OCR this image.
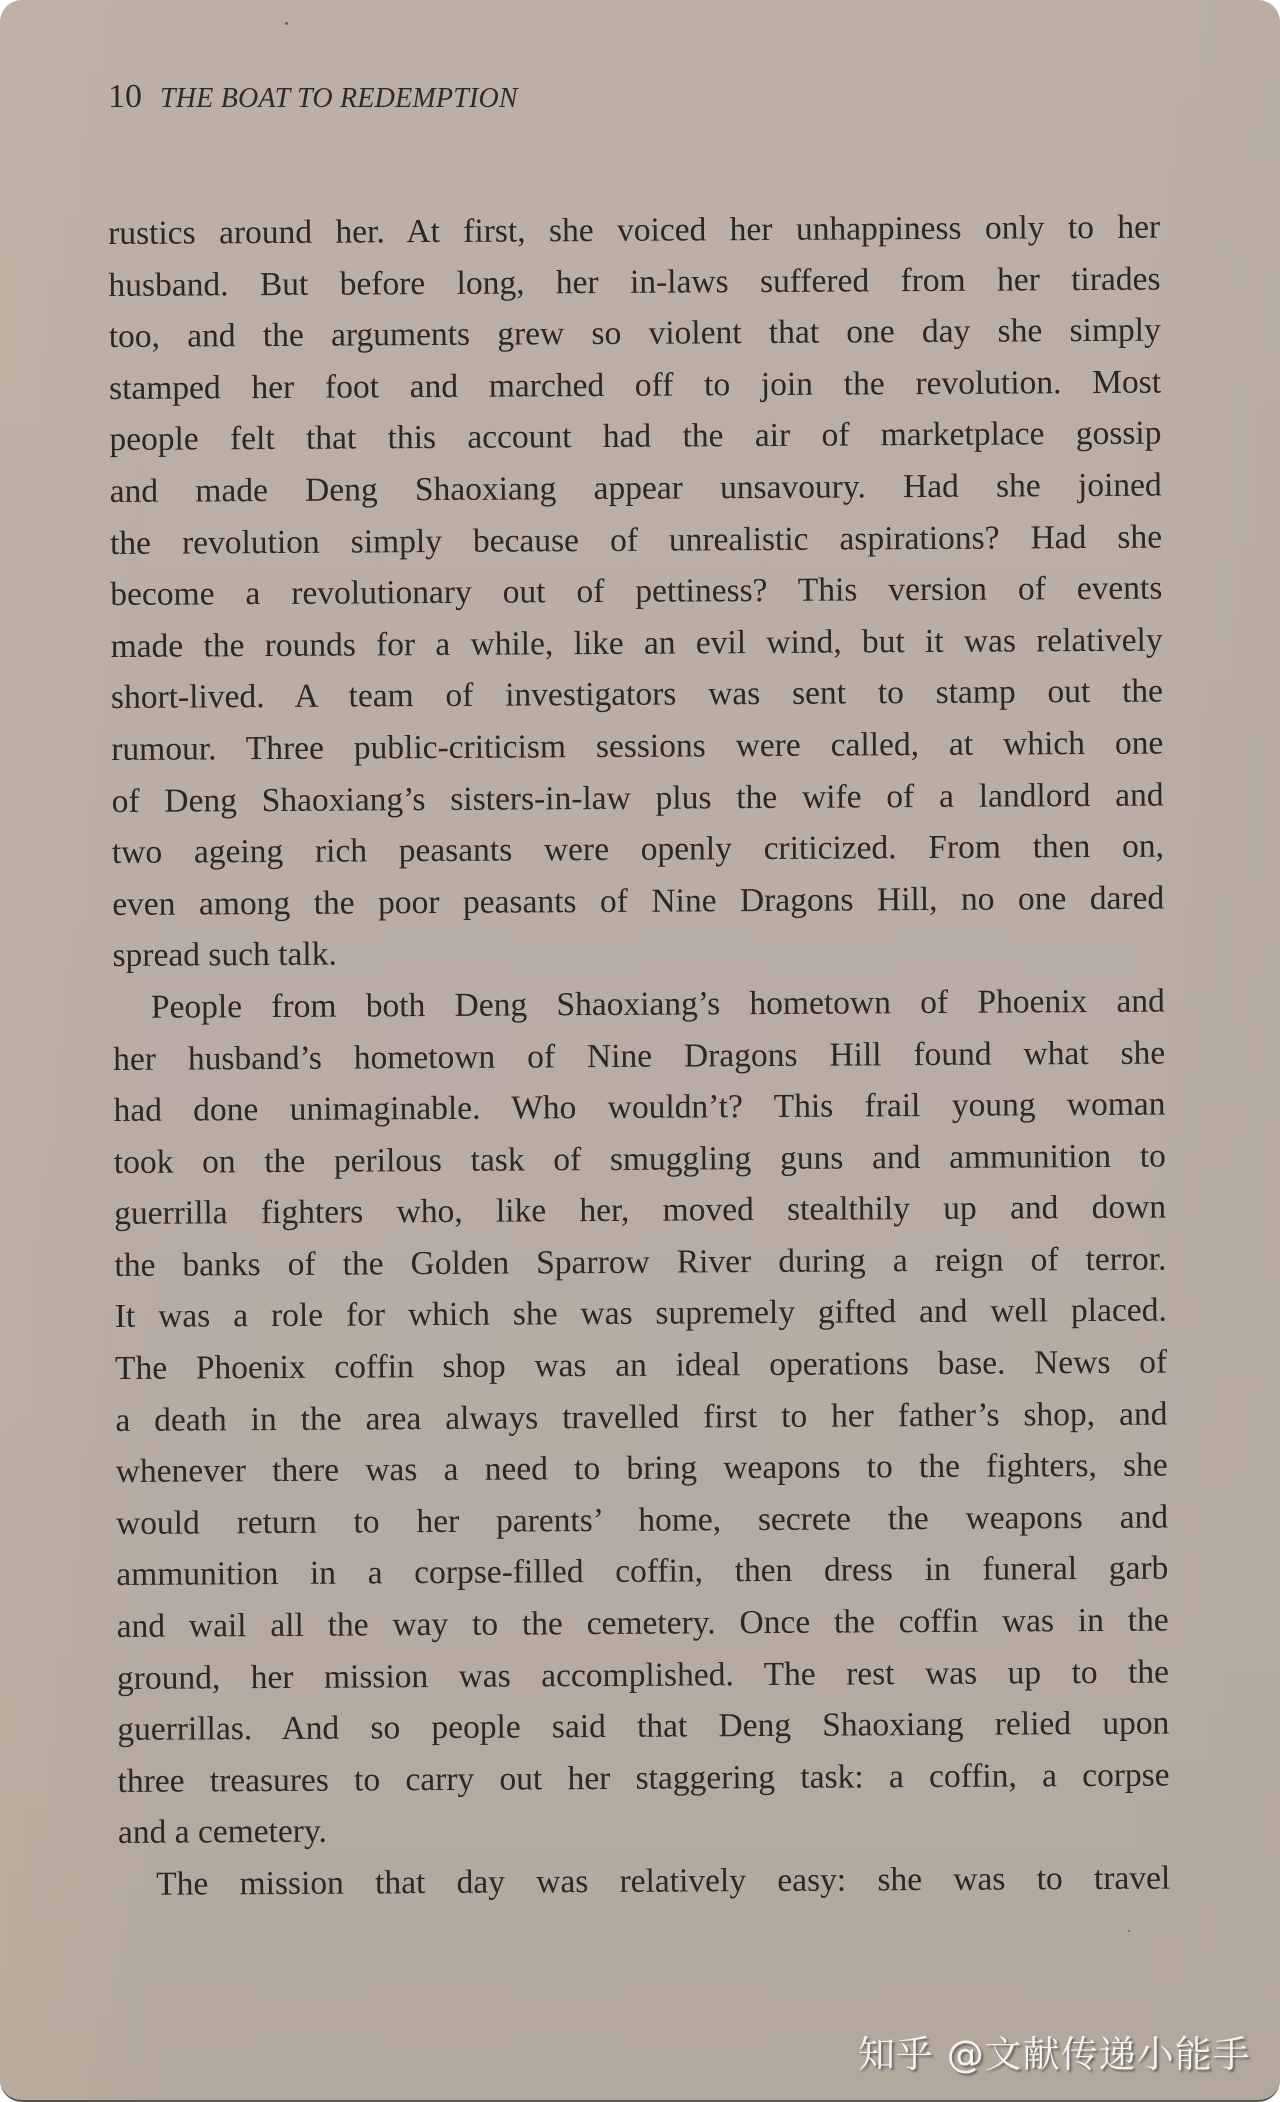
10 THE BOAT TO REDEMPTION
rustics around her. At first, she voiced her unhappiness only to her
husband. But before long, her in-laws suffered from her tirades
too, and the arguments grew so violent that one day she simply
stamped her foot and marched off to join the revolution. Most
people felt that this account had the air of marketplace gossip
and made Deng Shaoxiang appear unsavoury. Had she joined
the revolution simply because of unrealistic aspirations? Had she
become a revolutionary out of pettiness? This version of events
made the rounds for a while, like an evil wind, but it was relatively
short-lived. A team of investigators was sent to stamp out the
rumour. Three public-criticism sessions were called, at which one
of Deng Shaoxiang’s sisters-in-law plus the wife of a landlord and
two ageing rich peasants were openly criticized. From then on,
even among the poor peasants of Nine Dragons Hill, no one dared
spread such talk.
People from both Deng Shaoxiang’s hometown of Phoenix and
her husband’s hometown of Nine Dragons Hill found what she
had done unimaginable. Who wouldn’t? This frail young woman
took on the perilous task of smuggling guns and ammunition to
guerrilla fighters who, like her, moved stealthily up and down
the banks of the Golden Sparrow River during a reign of terror.
It was a role for which she was supremely gifted and well placed.
The Phoenix coffin shop was an ideal operations base. News of
a death in the area always travelled first to her father’s shop, and
whenever there was a need to bring weapons to the fighters, she
would return to her parents’ home, secrete the weapons and
ammunition in a corpse-filled coffin, then dress in funeral garb
and wail all the way to the cemetery. Once the coffin was in the
ground, her mission was accomplished. The rest was up to the
guerrillas. And so people said that Deng Shaoxiang relied upon
three treasures to carry out her staggering task: a coffin, a corpse
and a cemetery.
The mission that day was relatively easy: she was to travel
知乎 @文献传递小能手
